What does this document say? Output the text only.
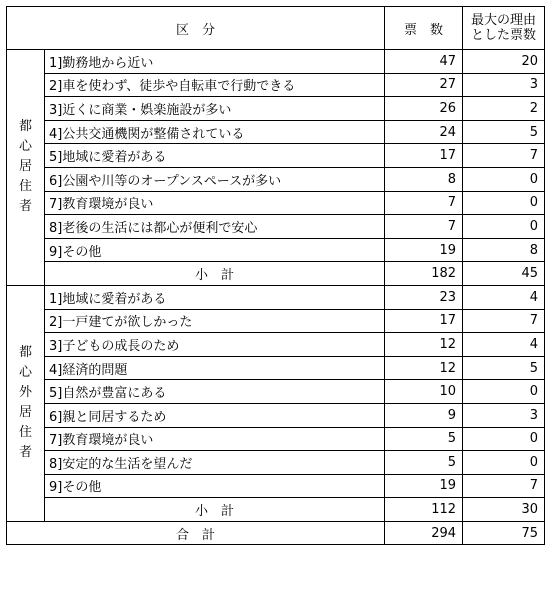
区　分		票　数	最大の理由
とした票数
都心居住者	1]勤務地から近い	47	20
	2]車を使わず、徒歩や自転車で行動できる	27	3
	3]近くに商業・娯楽施設が多い	26	2
	4]公共交通機関が整備されている	24	5
	5]地域に愛着がある	17	7
	6]公園や川等のオープンスペースが多い	8	0
	7]教育環境が良い	7	0
	8]老後の生活には都心が便利で安心	7	0
	9]その他	19	8
	小　計	182	45
都心外居住者	1]地域に愛着がある	23	4
	2]一戸建てが欲しかった	17	7
	3]子どもの成長のため	12	4
	4]経済的問題	12	5
	5]自然が豊富にある	10	0
	6]親と同居するため	9	3
	7]教育環境が良い	5	0
	8]安定的な生活を望んだ	5	0
	9]その他	19	7
	小　計	112	30
合　計		294	75
